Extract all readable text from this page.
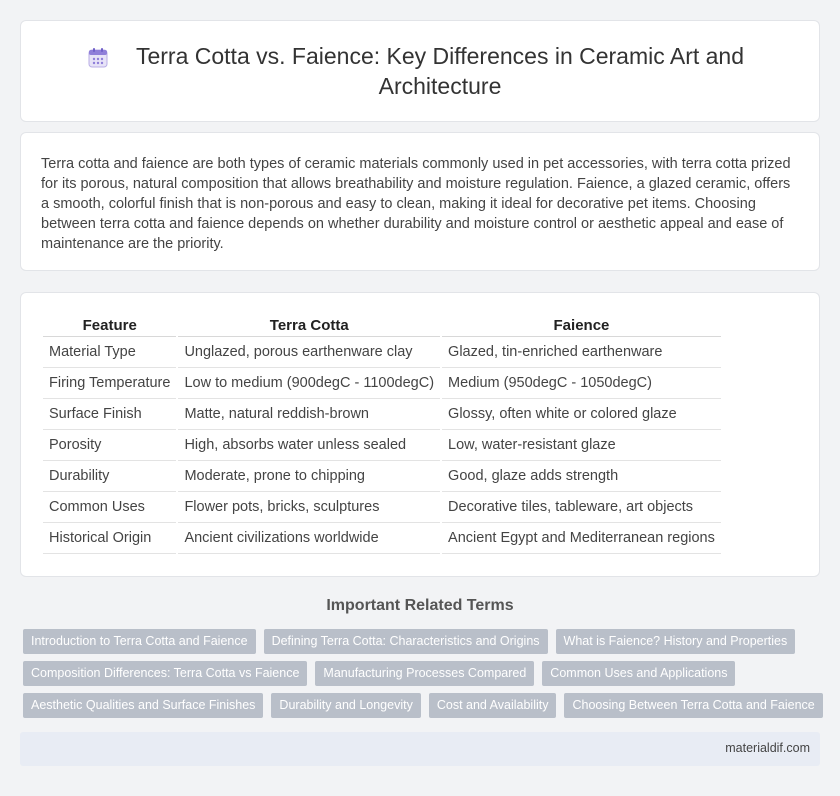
Terra Cotta vs. Faience: Key Differences in Ceramic Art and Architecture

Terra cotta and faience are both types of ceramic materials commonly used in pet accessories, with terra cotta prized for its porous, natural composition that allows breathability and moisture regulation. Faience, a glazed ceramic, offers a smooth, colorful finish that is non-porous and easy to clean, making it ideal for decorative pet items. Choosing between terra cotta and faience depends on whether durability and moisture control or aesthetic appeal and ease of maintenance are the priority.

Feature	Terra Cotta	Faience
Material Type	Unglazed, porous earthenware clay	Glazed, tin-enriched earthenware
Firing Temperature	Low to medium (900degC - 1100degC)	Medium (950degC - 1050degC)
Surface Finish	Matte, natural reddish-brown	Glossy, often white or colored glaze
Porosity	High, absorbs water unless sealed	Low, water-resistant glaze
Durability	Moderate, prone to chipping	Good, glaze adds strength
Common Uses	Flower pots, bricks, sculptures	Decorative tiles, tableware, art objects
Historical Origin	Ancient civilizations worldwide	Ancient Egypt and Mediterranean regions
Important Related Terms
Introduction to Terra Cotta and Faience	Defining Terra Cotta: Characteristics and Origins	What is Faience? History and Properties
Composition Differences: Terra Cotta vs Faience	Manufacturing Processes Compared	Common Uses and Applications
Aesthetic Qualities and Surface Finishes	Durability and Longevity	Cost and Availability	Choosing Between Terra Cotta and Faience
materialdif.com
